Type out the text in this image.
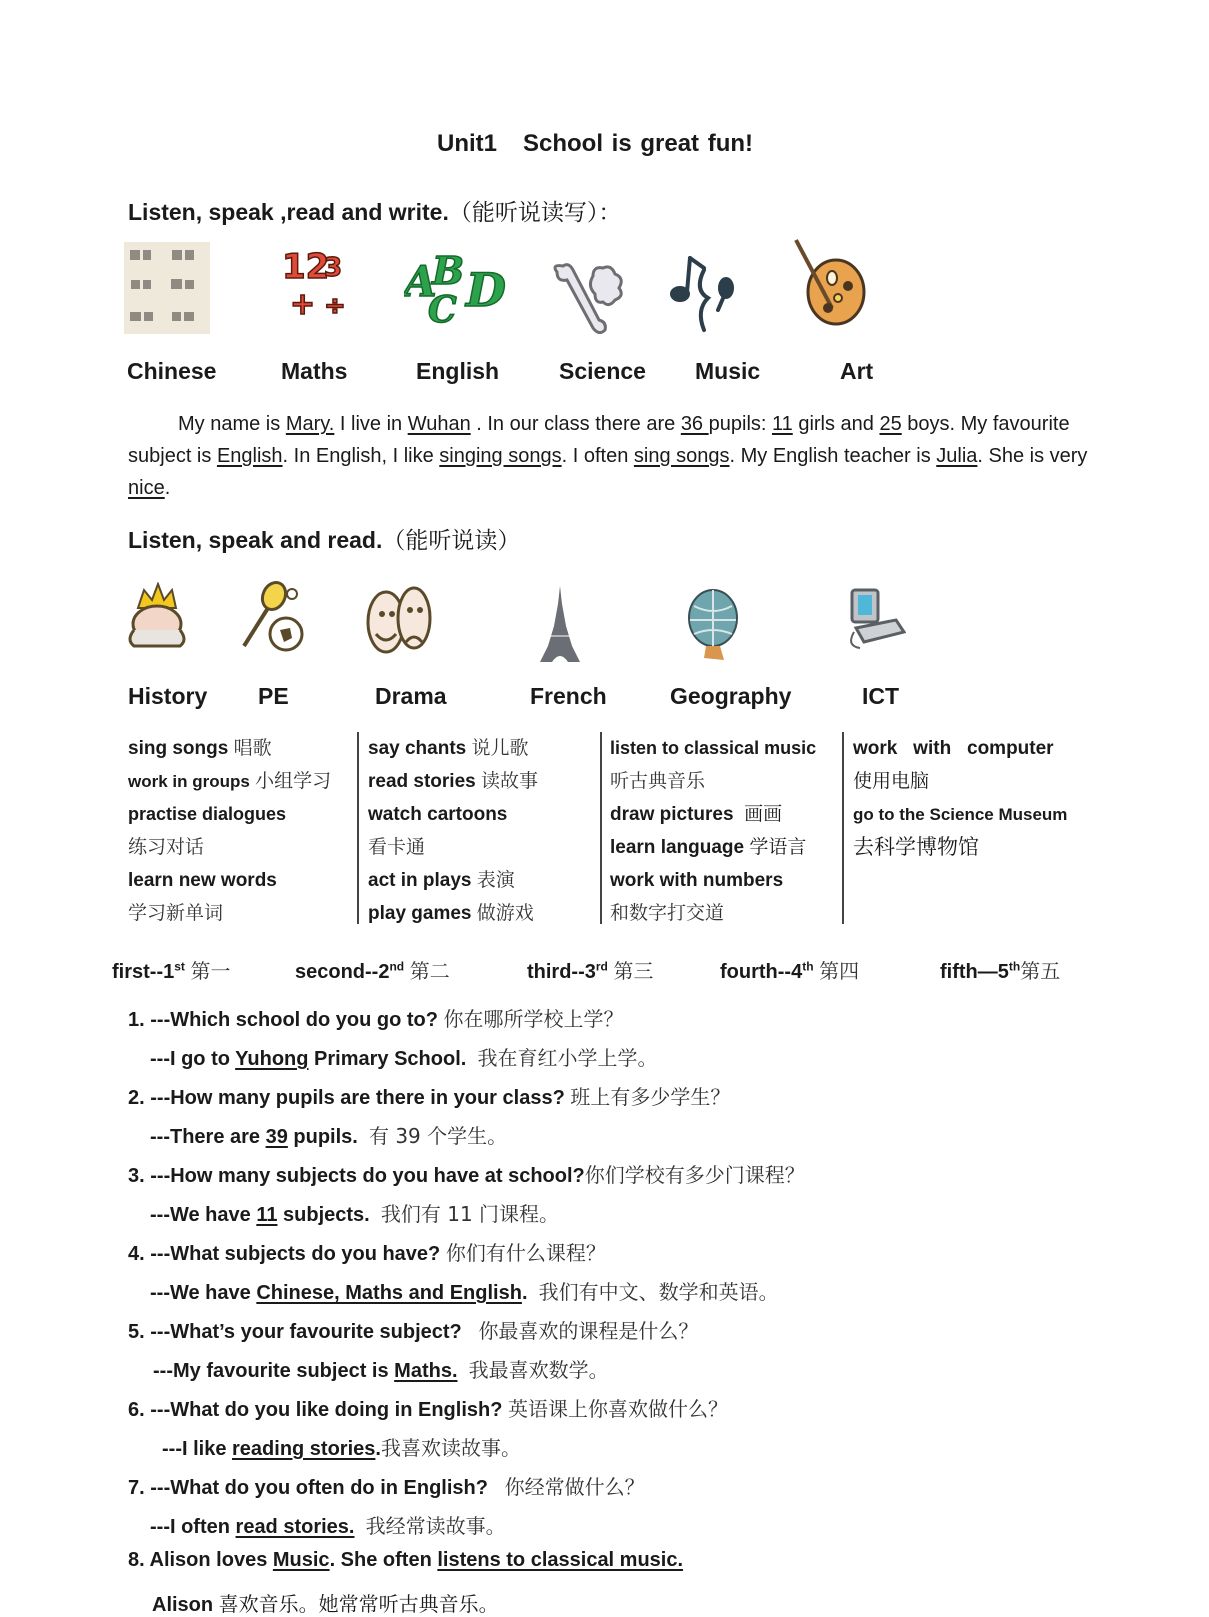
Unit1 School is great fun!
Listen, speak ,read and write.（能听说读写）：
12
3
+ ÷ A
B
C D
Chinese	Maths	English	Science Music	Art
My name is Mary. I live in Wuhan . In our class there are 36 pupils: 11 girls and 25 boys. My favourite subject is English. In English, I like singing songs. I often sing songs. My English teacher is Julia. She is very nice.
Listen, speak and read.（能听说读）
History PE	Drama	French	Geography	ICT
sing songs 唱歌
work in groups 小组学习
practise dialogues
练习对话
learn new words
学习新单词
say chants 说儿歌
read stories 读故事
watch cartoons
看卡通
act in plays 表演
play games 做游戏
listen to classical music
听古典音乐
draw pictures 画画
learn language 学语言
work with numbers
和数字打交道
work   with   computer
使用电脑
go to the Science Museum
去科学博物馆
first--1st 第一	second--2nd 第二	third--3rd 第三	fourth--4th 第四	fifth—5th第五
1. ---Which school do you go to? 你在哪所学校上学？
---I go to Yuhong Primary School. 我在育红小学上学。
2. ---How many pupils are there in your class? 班上有多少学生？
---There are 39 pupils. 有 39 个学生。
3. ---How many subjects do you have at school?你们学校有多少门课程？
---We have 11 subjects. 我们有 11 门课程。
4. ---What subjects do you have? 你们有什么课程？
---We have Chinese, Maths and English. 我们有中文、数学和英语。
5. ---What’s your favourite subject? 你最喜欢的课程是什么？
---My favourite subject is Maths. 我最喜欢数学。
6. ---What do you like doing in English? 英语课上你喜欢做什么？
---I like reading stories.我喜欢读故事。
7. ---What do you often do in English? 你经常做什么？
---I often read stories. 我经常读故事。
8. Alison loves Music. She often listens to classical music.
Alison 喜欢音乐。她常常听古典音乐。
